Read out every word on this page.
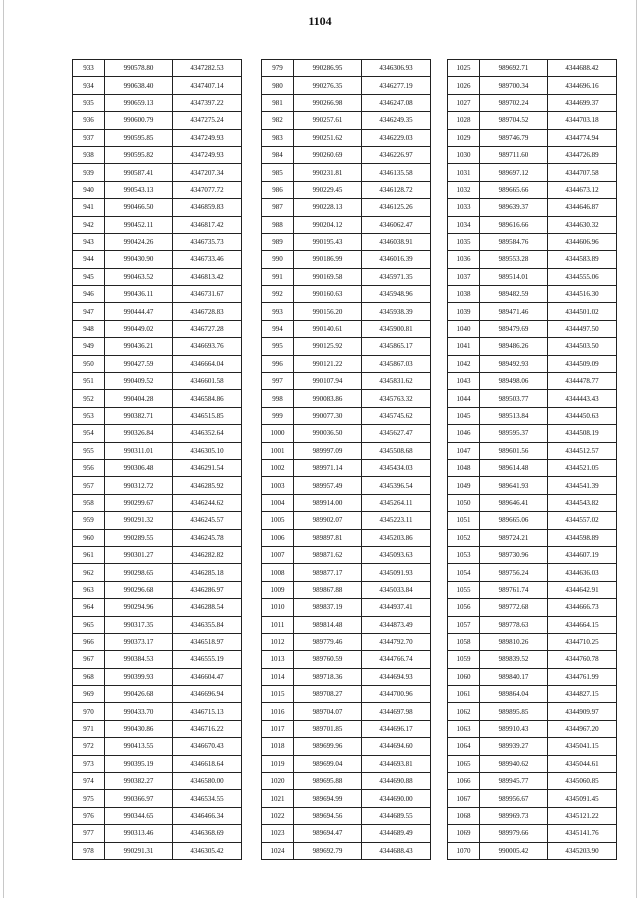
1104
933	990578.80	4347282.53
934	990638.40	4347407.14
935	990659.13	4347397.22
936	990600.79	4347275.24
937	990595.85	4347249.93
938	990595.82	4347249.93
939	990587.41	4347207.34
940	990543.13	4347077.72
941	990466.50	4346859.83
942	990452.11	4346817.42
943	990424.26	4346735.73
944	990430.90	4346733.46
945	990463.52	4346813.42
946	990436.11	4346731.67
947	990444.47	4346728.83
948	990449.02	4346727.28
949	990436.21	4346693.76
950	990427.59	4346664.04
951	990409.52	4346601.58
952	990404.28	4346584.86
953	990382.71	4346515.85
954	990326.84	4346352.64
955	990311.01	4346305.10
956	990306.48	4346291.54
957	990312.72	4346285.92
958	990299.67	4346244.62
959	990291.32	4346245.57
960	990289.55	4346245.78
961	990301.27	4346282.82
962	990298.65	4346285.18
963	990296.68	4346286.97
964	990294.96	4346288.54
965	990317.35	4346355.84
966	990373.17	4346518.97
967	990384.53	4346555.19
968	990399.93	4346604.47
969	990426.68	4346696.94
970	990433.70	4346715.13
971	990430.86	4346716.22
972	990413.55	4346670.43
973	990395.19	4346618.64
974	990382.27	4346580.00
975	990366.97	4346534.55
976	990344.65	4346466.34
977	990313.46	4346368.69
978	990291.31	4346305.42
979	990286.95	4346306.93
980	990276.35	4346277.19
981	990266.98	4346247.08
982	990257.61	4346249.35
983	990251.62	4346229.03
984	990260.69	4346226.97
985	990231.81	4346135.58
986	990229.45	4346128.72
987	990228.13	4346125.26
988	990204.12	4346062.47
989	990195.43	4346038.91
990	990186.99	4346016.39
991	990169.58	4345971.35
992	990160.63	4345948.96
993	990156.20	4345938.39
994	990140.61	4345900.81
995	990125.92	4345865.17
996	990121.22	4345867.03
997	990107.94	4345831.62
998	990083.86	4345763.32
999	990077.30	4345745.62
1000	990036.50	4345627.47
1001	989997.09	4345508.68
1002	989971.14	4345434.03
1003	989957.49	4345396.54
1004	989914.00	4345264.11
1005	989902.07	4345223.11
1006	989897.81	4345203.86
1007	989871.62	4345093.63
1008	989877.17	4345091.93
1009	989867.88	4345033.84
1010	989837.19	4344937.41
1011	989814.48	4344873.49
1012	989779.46	4344792.70
1013	989760.59	4344766.74
1014	989718.36	4344694.93
1015	989708.27	4344700.96
1016	989704.07	4344697.98
1017	989701.85	4344696.17
1018	989699.96	4344694.60
1019	989699.04	4344693.81
1020	989695.88	4344690.88
1021	989694.99	4344690.00
1022	989694.56	4344689.55
1023	989694.47	4344689.49
1024	989692.79	4344688.43
1025	989692.71	4344688.42
1026	989700.34	4344696.16
1027	989702.24	4344699.37
1028	989704.52	4344703.18
1029	989746.79	4344774.94
1030	989711.60	4344726.89
1031	989697.12	4344707.58
1032	989665.66	4344673.12
1033	989639.37	4344646.87
1034	989616.66	4344630.32
1035	989584.76	4344606.96
1036	989553.28	4344583.89
1037	989514.01	4344555.06
1038	989482.59	4344516.30
1039	989471.46	4344501.02
1040	989479.69	4344497.50
1041	989486.26	4344503.50
1042	989492.93	4344509.09
1043	989498.06	4344478.77
1044	989503.77	4344443.43
1045	989513.84	4344450.63
1046	989595.37	4344508.19
1047	989601.56	4344512.57
1048	989614.48	4344521.05
1049	989641.93	4344541.39
1050	989646.41	4344543.82
1051	989665.06	4344557.02
1052	989724.21	4344598.89
1053	989730.96	4344607.19
1054	989756.24	4344636.03
1055	989761.74	4344642.91
1056	989772.68	4344666.73
1057	989778.63	4344664.15
1058	989810.26	4344710.25
1059	989839.52	4344760.78
1060	989840.17	4344761.99
1061	989864.04	4344827.15
1062	989895.85	4344909.97
1063	989910.43	4344967.20
1064	989939.27	4345041.15
1065	989940.62	4345044.61
1066	989945.77	4345060.85
1067	989956.67	4345091.45
1068	989969.73	4345121.22
1069	989979.66	4345141.76
1070	990005.42	4345203.90
